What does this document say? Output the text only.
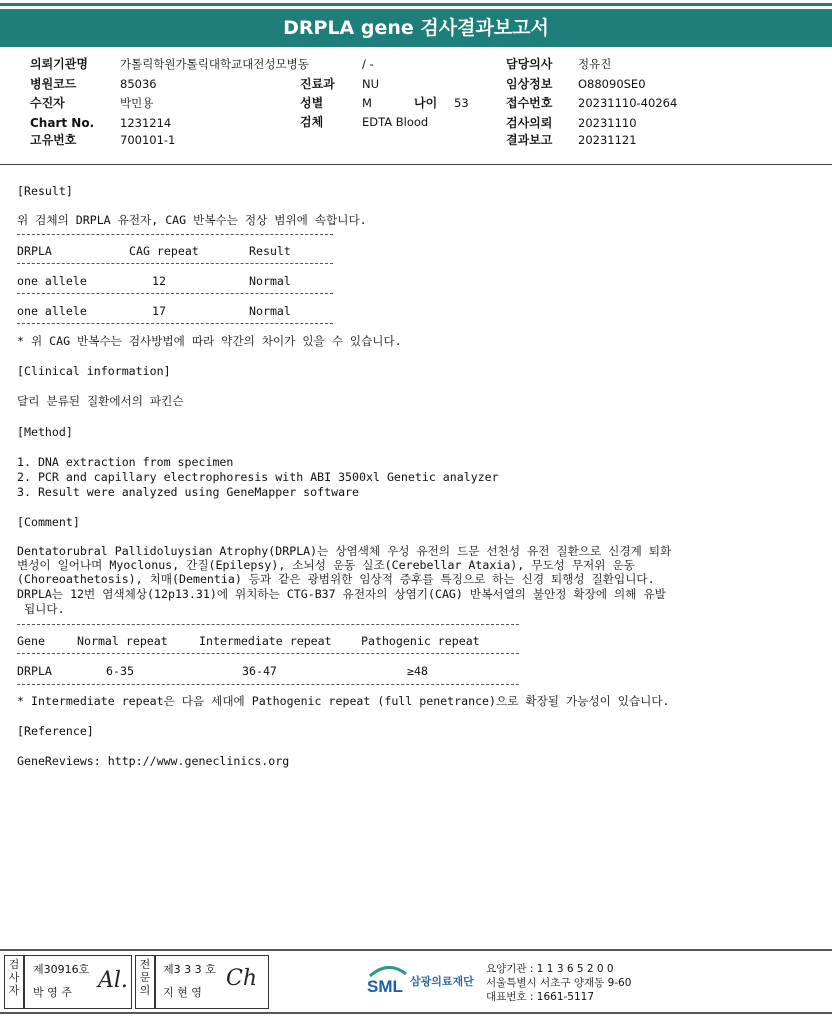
DRPLA gene 검사결과보고서
의뢰기관명	가톨릭학원가톨릭대학교대전성모병동	/ -	담당의사 정유진
병원코드	85036	진료과 NU	임상정보 O88090SE0
수진자	박민용	성별	M	나이 53	접수번호 20231110-40264
Chart No. 1231214	검체	EDTA Blood	검사의뢰 20231110
고유번호	700101-1	결과보고 20231121
[Result]
위 검체의 DRPLA 유전자, CAG 반복수는 정상 범위에 속합니다.
DRPLA	CAG repeat	Result
one allele	12	Normal
one allele	17	Normal
* 위 CAG 반복수는 검사방법에 따라 약간의 차이가 있을 수 있습니다.
[Clinical information]
달리 분류된 질환에서의 파킨슨
[Method]
1. DNA extraction from specimen
2. PCR and capillary electrophoresis with ABI 3500xl Genetic analyzer
3. Result were analyzed using GeneMapper software
[Comment]
Dentatorubral Pallidoluysian Atrophy(DRPLA)는 상염색체 우성 유전의 드문 선천성 유전 질환으로 신경계 퇴화
변성이 일어나며 Myoclonus, 간질(Epilepsy), 소뇌성 운동 실조(Cerebellar Ataxia), 무도성 무저위 운동
(Choreoathetosis), 치매(Dementia) 등과 같은 광범위한 임상적 증후를 특징으로 하는 신경 퇴행성 질환입니다.
DRPLA는 12번 염색체상(12p13.31)에 위치하는 CTG-B37 유전자의 상염기(CAG) 반복서열의 불안정 확장에 의해 유발
됩니다.
Gene	Normal repeat	Intermediate repeat	Pathogenic repeat
DRPLA	6-35	36-47	≥48
* Intermediate repeat은 다음 세대에 Pathogenic repeat (full penetrance)으로 확장될 가능성이 있습니다.
[Reference]
GeneReviews: http://www.geneclinics.org
검
사
자
제30916호
박 영 주 Al.
전
문
의
제3 3 3 호
지 현 영
Ch	SML 삼광의료재단
요양기관 : 1 1 3 6 5 2 0 0
서울특별시 서초구 양재동 9-60
대표번호 : 1661-5117
